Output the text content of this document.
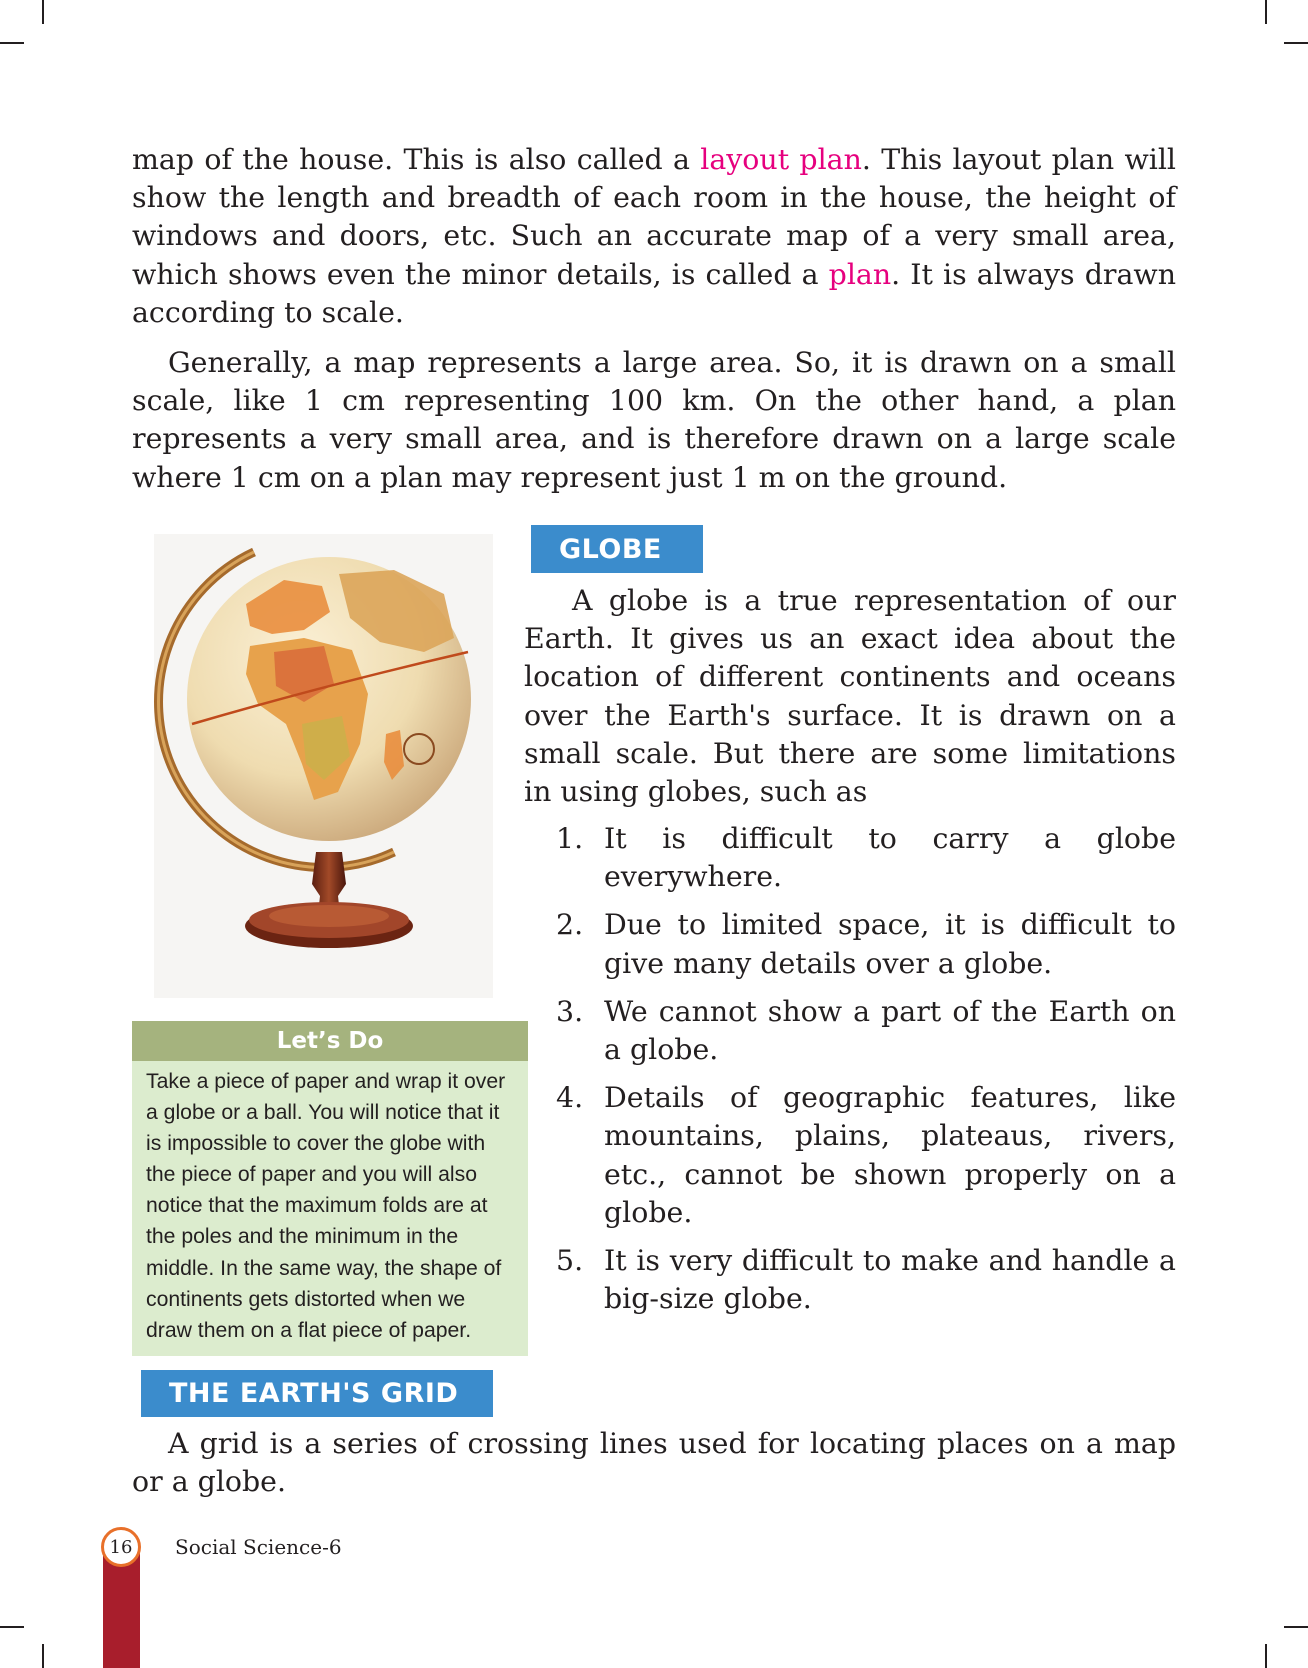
map of the house. This is also called a layout plan. This layout plan will show the length and breadth of each room in the house, the height of windows and doors, etc. Such an accurate map of a very small area, which shows even the minor details, is called a plan. It is always drawn according to scale.

Generally, a map represents a large area. So, it is drawn on a small scale, like 1 cm representing 100 km. On the other hand, a plan represents a very small area, and is therefore drawn on a large scale where 1 cm on a plan may represent just 1 m on the ground.

GLOBE

A globe is a true representation of our Earth. It gives us an exact idea about the location of different continents and oceans over the Earth's surface. It is drawn on a small scale. But there are some limitations in using globes, such as

1. It is difficult to carry a globe everywhere.
2. Due to limited space, it is difficult to give many details over a globe.
3. We cannot show a part of the Earth on a globe.
4. Details of geographic features, like mountains, plains, plateaus, rivers, etc., cannot be shown properly on a globe.
5. It is very difficult to make and handle a big-size globe.
Let’s Do
Take a piece of paper and wrap it over a globe or a ball. You will notice that it is impossible to cover the globe with the piece of paper and you will also notice that the maximum folds are at the poles and the minimum in the middle. In the same way, the shape of continents gets distorted when we draw them on a flat piece of paper.
THE EARTH'S GRID

A grid is a series of crossing lines used for locating places on a map or a globe.

16	Social Science-6
